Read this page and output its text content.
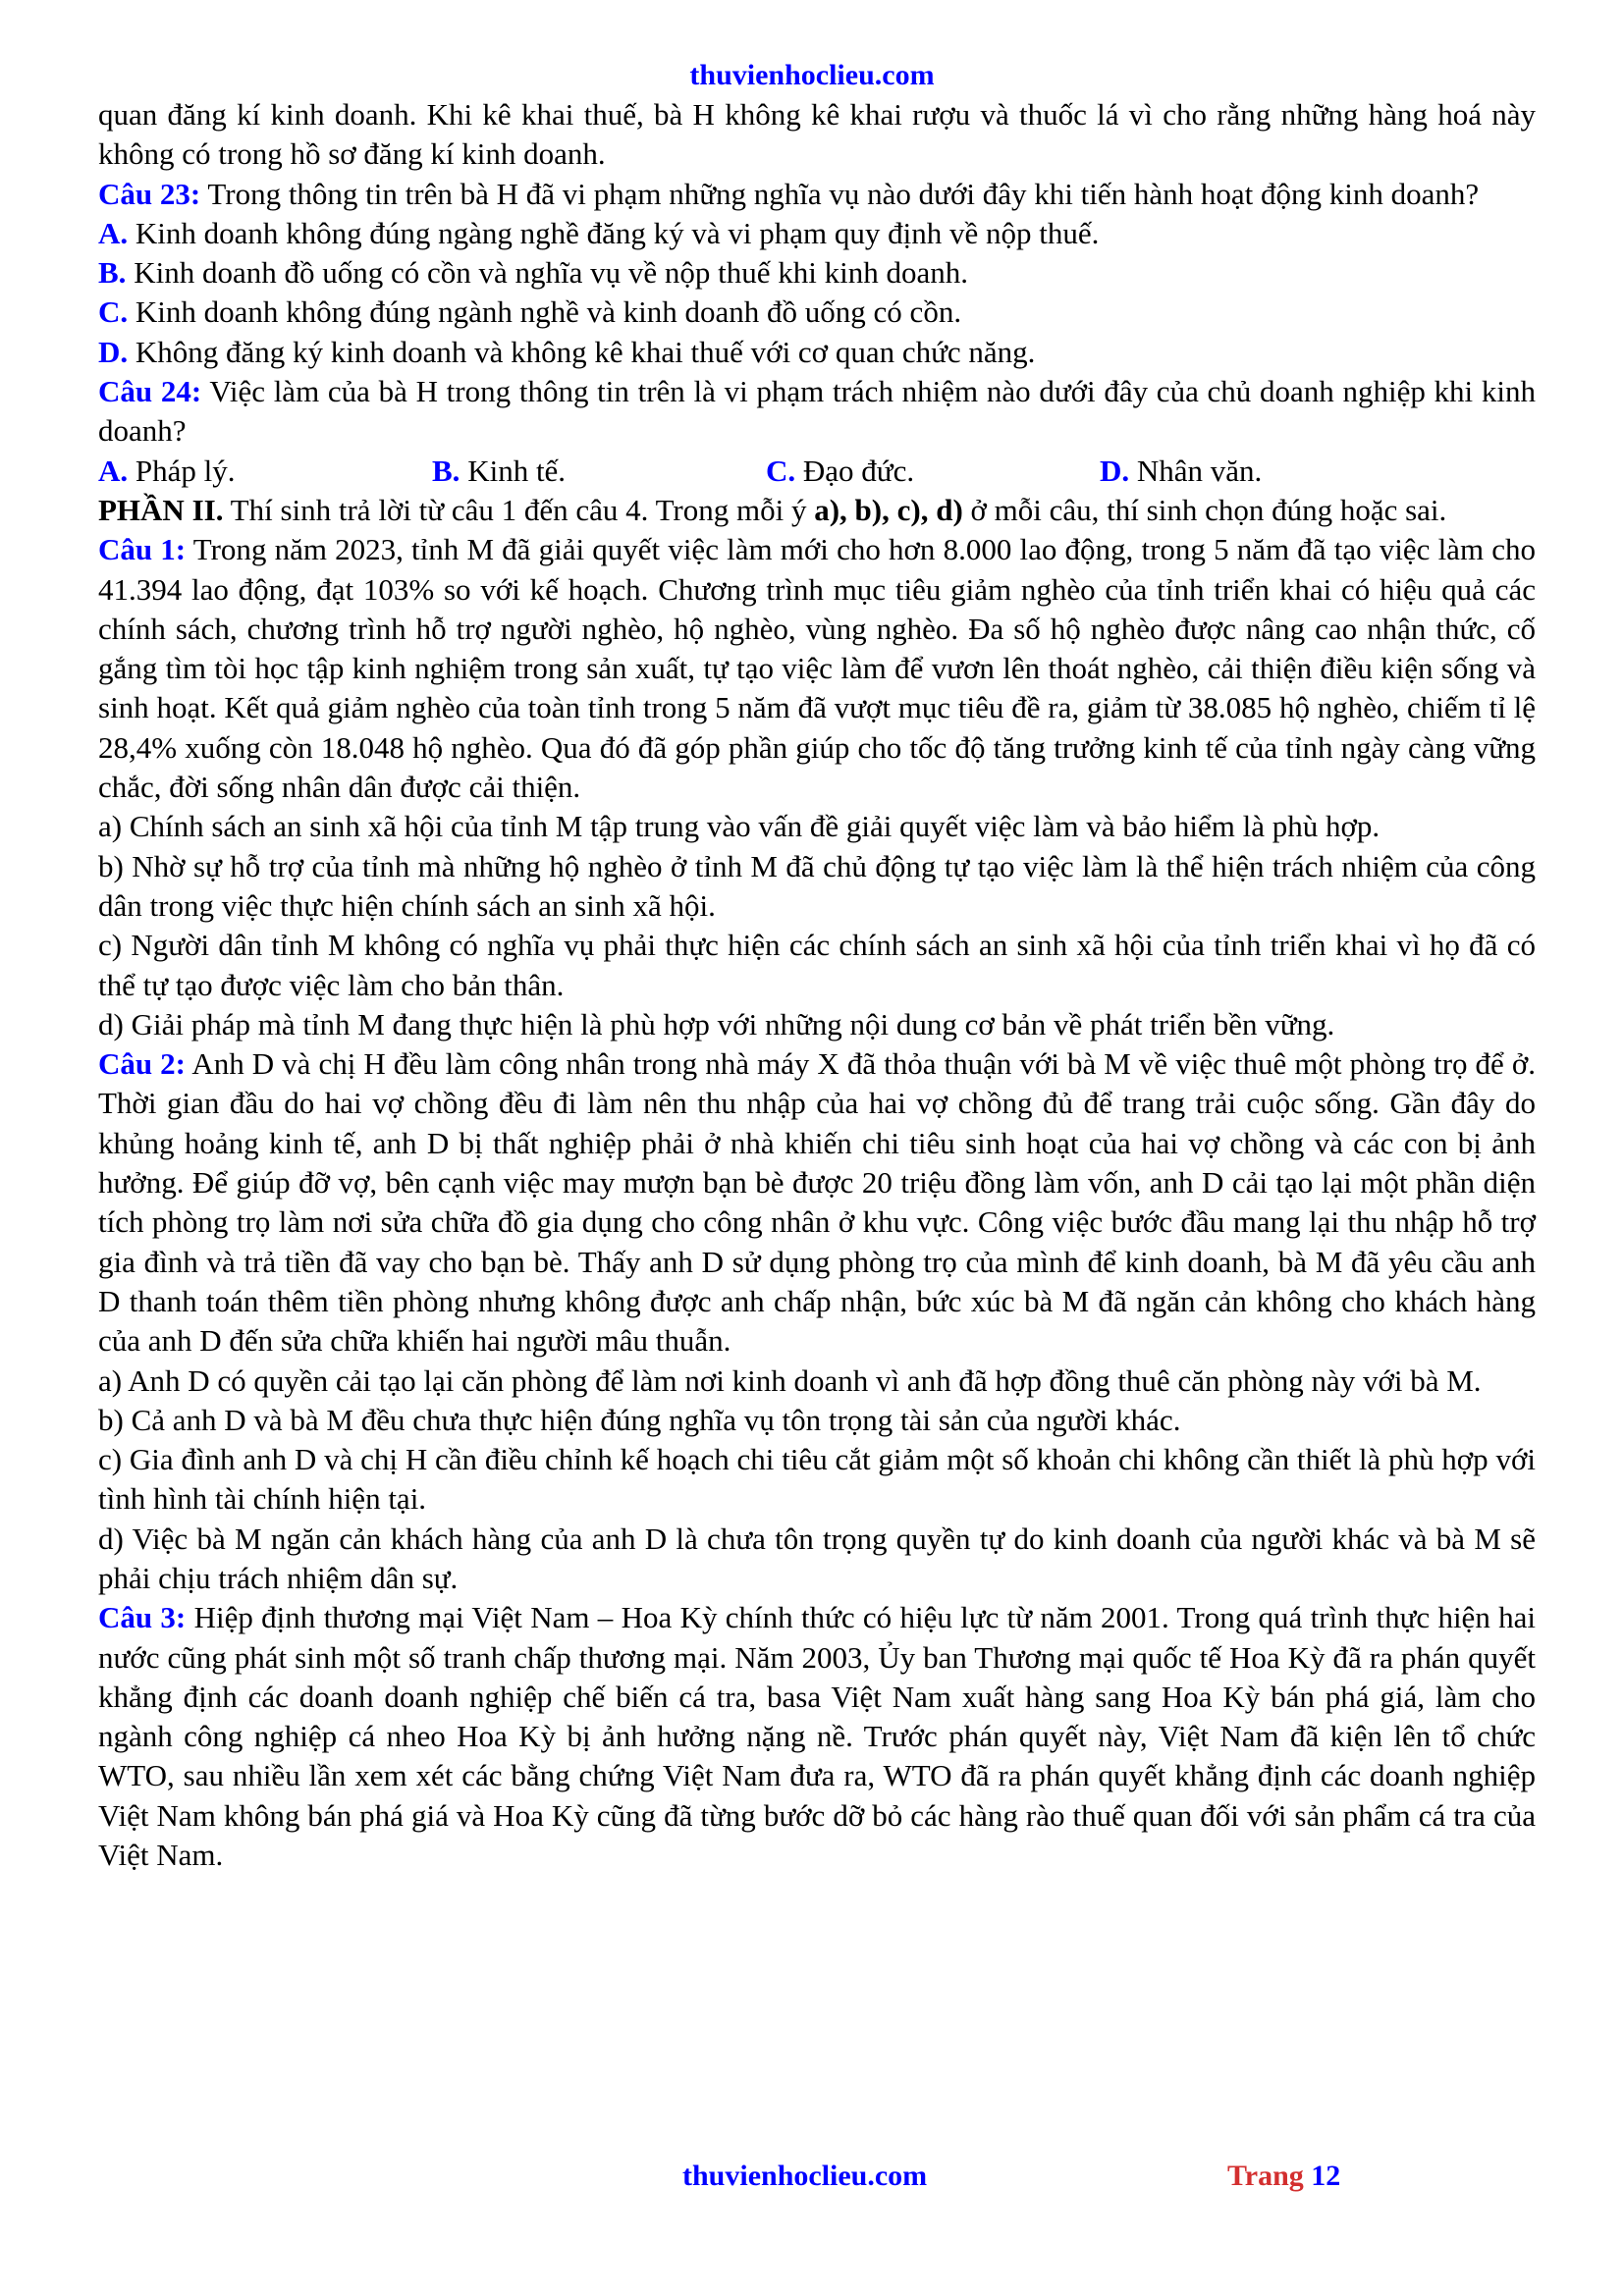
thuvienhoclieu.com

quan đăng kí kinh doanh. Khi kê khai thuế, bà H không kê khai rượu và thuốc lá vì cho rằng những hàng hoá này không có trong hồ sơ đăng kí kinh doanh.

Câu 23: Trong thông tin trên bà H đã vi phạm những nghĩa vụ nào dưới đây khi tiến hành hoạt động kinh doanh?

A. Kinh doanh không đúng ngàng nghề đăng ký và vi phạm quy định về nộp thuế.

B. Kinh doanh đồ uống có cồn và nghĩa vụ về nộp thuế khi kinh doanh.

C. Kinh doanh không đúng ngành nghề và kinh doanh đồ uống có cồn.

D. Không đăng ký kinh doanh và không kê khai thuế với cơ quan chức năng.

Câu 24: Việc làm của bà H trong thông tin trên là vi phạm trách nhiệm nào dưới đây của chủ doanh nghiệp khi kinh doanh?

A. Pháp lý.	B. Kinh tế.	C. Đạo đức.	D. Nhân văn.

PHẦN II. Thí sinh trả lời từ câu 1 đến câu 4. Trong mỗi ý a), b), c), d) ở mỗi câu, thí sinh chọn đúng hoặc sai.

Câu 1: Trong năm 2023, tỉnh M đã giải quyết việc làm mới cho hơn 8.000 lao động, trong 5 năm đã tạo việc làm cho 41.394 lao động, đạt 103% so với kế hoạch. Chương trình mục tiêu giảm nghèo của tỉnh triển khai có hiệu quả các chính sách, chương trình hỗ trợ người nghèo, hộ nghèo, vùng nghèo. Đa số hộ nghèo được nâng cao nhận thức, cố gắng tìm tòi học tập kinh nghiệm trong sản xuất, tự tạo việc làm để vươn lên thoát nghèo, cải thiện điều kiện sống và sinh hoạt. Kết quả giảm nghèo của toàn tỉnh trong 5 năm đã vượt mục tiêu đề ra, giảm từ 38.085 hộ nghèo, chiếm tỉ lệ 28,4% xuống còn 18.048 hộ nghèo. Qua đó đã góp phần giúp cho tốc độ tăng trưởng kinh tế của tỉnh ngày càng vững chắc, đời sống nhân dân được cải thiện.

a) Chính sách an sinh xã hội của tỉnh M tập trung vào vấn đề giải quyết việc làm và bảo hiểm là phù hợp.

b) Nhờ sự hỗ trợ của tỉnh mà những hộ nghèo ở tỉnh M đã chủ động tự tạo việc làm là thể hiện trách nhiệm của công dân trong việc thực hiện chính sách an sinh xã hội.

c) Người dân tỉnh M không có nghĩa vụ phải thực hiện các chính sách an sinh xã hội của tỉnh triển khai vì họ đã có thể tự tạo được việc làm cho bản thân.

d) Giải pháp mà tỉnh M đang thực hiện là phù hợp với những nội dung cơ bản về phát triển bền vững.

Câu 2: Anh D và chị H đều làm công nhân trong nhà máy X đã thỏa thuận với bà M về việc thuê một phòng trọ để ở. Thời gian đầu do hai vợ chồng đều đi làm nên thu nhập của hai vợ chồng đủ để trang trải cuộc sống. Gần đây do khủng hoảng kinh tế, anh D bị thất nghiệp phải ở nhà khiến chi tiêu sinh hoạt của hai vợ chồng và các con bị ảnh hưởng. Để giúp đỡ vợ, bên cạnh việc may mượn bạn bè được 20 triệu đồng làm vốn, anh D cải tạo lại một phần diện tích phòng trọ làm nơi sửa chữa đồ gia dụng cho công nhân ở khu vực. Công việc bước đầu mang lại thu nhập hỗ trợ gia đình và trả tiền đã vay cho bạn bè. Thấy anh D sử dụng phòng trọ của mình để kinh doanh, bà M đã yêu cầu anh D thanh toán thêm tiền phòng nhưng không được anh chấp nhận, bức xúc bà M đã ngăn cản không cho khách hàng của anh D đến sửa chữa khiến hai người mâu thuẫn.

a) Anh D có quyền cải tạo lại căn phòng để làm nơi kinh doanh vì anh đã hợp đồng thuê căn phòng này với bà M.

b) Cả anh D và bà M đều chưa thực hiện đúng nghĩa vụ tôn trọng tài sản của người khác.

c) Gia đình anh D và chị H cần điều chỉnh kế hoạch chi tiêu cắt giảm một số khoản chi không cần thiết là phù hợp với tình hình tài chính hiện tại.

d) Việc bà M ngăn cản khách hàng của anh D là chưa tôn trọng quyền tự do kinh doanh của người khác và bà M sẽ phải chịu trách nhiệm dân sự.

Câu 3: Hiệp định thương mại Việt Nam – Hoa Kỳ chính thức có hiệu lực từ năm 2001. Trong quá trình thực hiện hai nước cũng phát sinh một số tranh chấp thương mại. Năm 2003, Ủy ban Thương mại quốc tế Hoa Kỳ đã ra phán quyết khẳng định các doanh doanh nghiệp chế biến cá tra, basa Việt Nam xuất hàng sang Hoa Kỳ bán phá giá, làm cho ngành công nghiệp cá nheo Hoa Kỳ bị ảnh hưởng nặng nề. Trước phán quyết này, Việt Nam đã kiện lên tổ chức WTO, sau nhiều lần xem xét các bằng chứng Việt Nam đưa ra, WTO đã ra phán quyết khẳng định các doanh nghiệp Việt Nam không bán phá giá và Hoa Kỳ cũng đã từng bước dỡ bỏ các hàng rào thuế quan đối với sản phẩm cá tra của Việt Nam.

thuvienhoclieu.com	Trang 12
